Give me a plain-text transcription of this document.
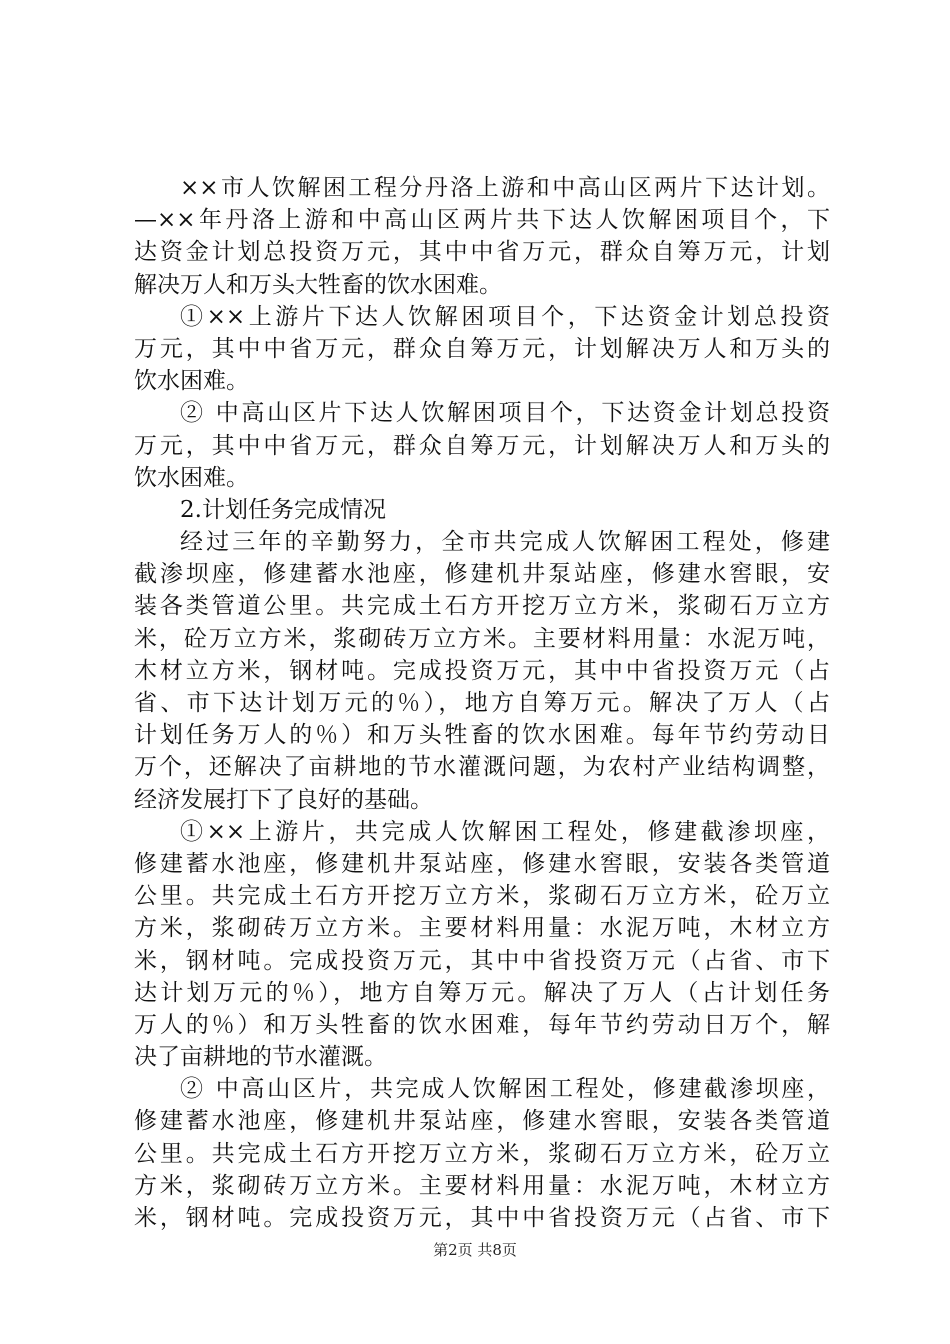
××市人饮解困工程分丹洛上游和中高山区两片下达计划。
—××年丹洛上游和中高山区两片共下达人饮解困项目个，下
达资金计划总投资万元，其中中省万元，群众自筹万元，计划
解决万人和万头大牲畜的饮水困难。
①××上游片下达人饮解困项目个，下达资金计划总投资
万元，其中中省万元，群众自筹万元，计划解决万人和万头的
饮水困难。
② 中高山区片下达人饮解困项目个，下达资金计划总投资
万元，其中中省万元，群众自筹万元，计划解决万人和万头的
饮水困难。
2.计划任务完成情况
经过三年的辛勤努力，全市共完成人饮解困工程处，修建
截渗坝座，修建蓄水池座，修建机井泵站座，修建水窖眼，安
装各类管道公里。共完成土石方开挖万立方米，浆砌石万立方
米，砼万立方米，浆砌砖万立方米。主要材料用量：水泥万吨，
木材立方米，钢材吨。完成投资万元，其中中省投资万元（占
省、市下达计划万元的％），地方自筹万元。解决了万人（占
计划任务万人的％）和万头牲畜的饮水困难。每年节约劳动日
万个，还解决了亩耕地的节水灌溉问题，为农村产业结构调整，
经济发展打下了良好的基础。
①××上游片，共完成人饮解困工程处，修建截渗坝座，
修建蓄水池座，修建机井泵站座，修建水窖眼，安装各类管道
公里。共完成土石方开挖万立方米，浆砌石万立方米，砼万立
方米，浆砌砖万立方米。主要材料用量：水泥万吨，木材立方
米，钢材吨。完成投资万元，其中中省投资万元（占省、市下
达计划万元的％），地方自筹万元。解决了万人（占计划任务
万人的％）和万头牲畜的饮水困难，每年节约劳动日万个，解
决了亩耕地的节水灌溉。
② 中高山区片，共完成人饮解困工程处，修建截渗坝座，
修建蓄水池座，修建机井泵站座，修建水窖眼，安装各类管道
公里。共完成土石方开挖万立方米，浆砌石万立方米，砼万立
方米，浆砌砖万立方米。主要材料用量：水泥万吨，木材立方
米，钢材吨。完成投资万元，其中中省投资万元（占省、市下
第2页 共8页
